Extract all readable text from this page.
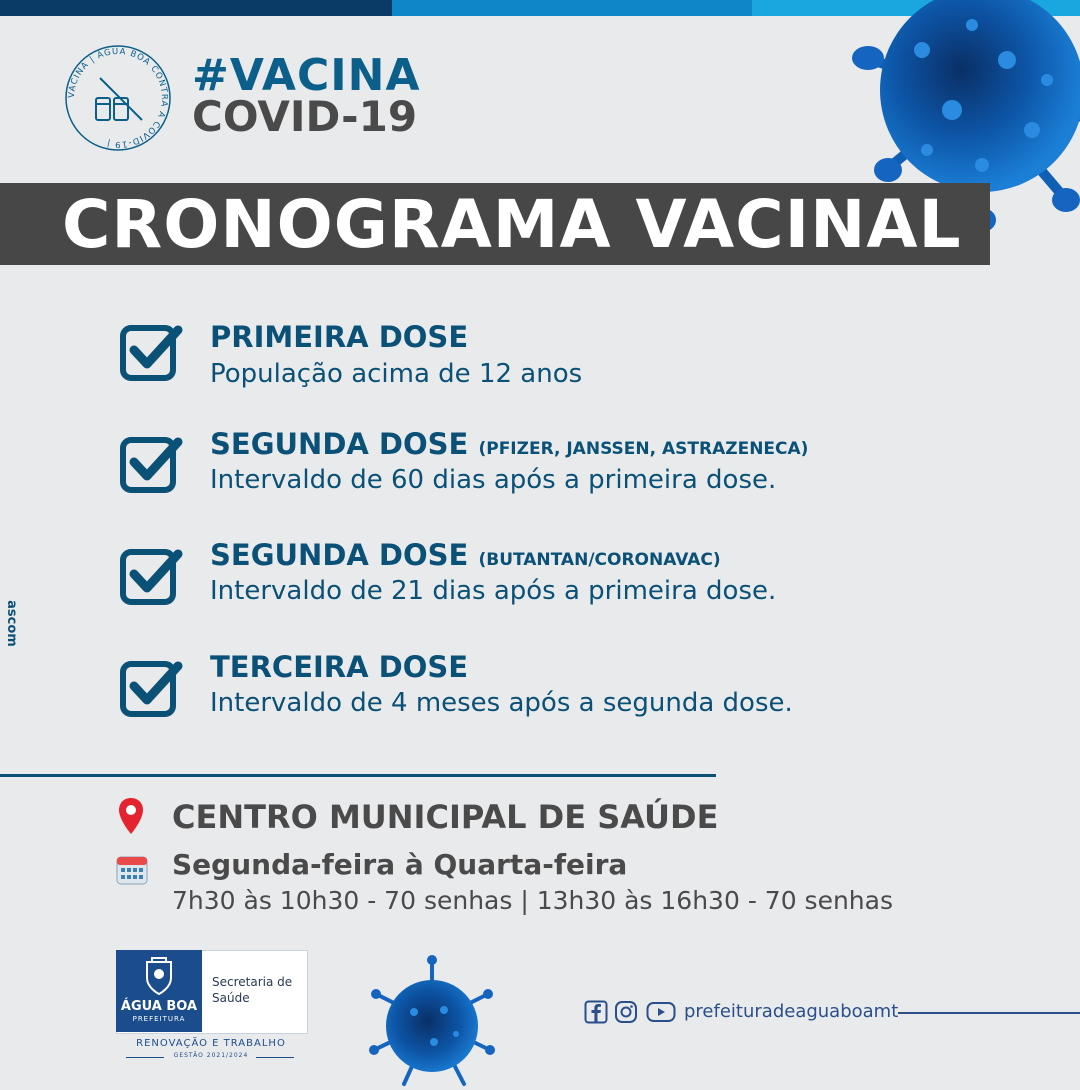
VACINA | ÁGUA BOA CONTRA A COVID-19 |
#VACINA
COVID-19
CRONOGRAMA VACINAL
PRIMEIRA DOSE
População acima de 12 anos
SEGUNDA DOSE (PFIZER, JANSSEN, ASTRAZENECA)
Intervaldo de 60 dias após a primeira dose.
SEGUNDA DOSE (BUTANTAN/CORONAVAC)
Intervaldo de 21 dias após a primeira dose.
TERCEIRA DOSE
Intervaldo de 4 meses após a segunda dose.
CENTRO MUNICIPAL DE SAÚDE
Segunda-feira à Quarta-feira
7h30 às 10h30 - 70 senhas | 13h30 às 16h30 - 70 senhas
ascom
ÁGUA BOA
PREFEITURA
Secretaria de Saúde
RENOVAÇÃO E TRABALHO
GESTÃO 2021/2024
prefeituradeaguaboamt
